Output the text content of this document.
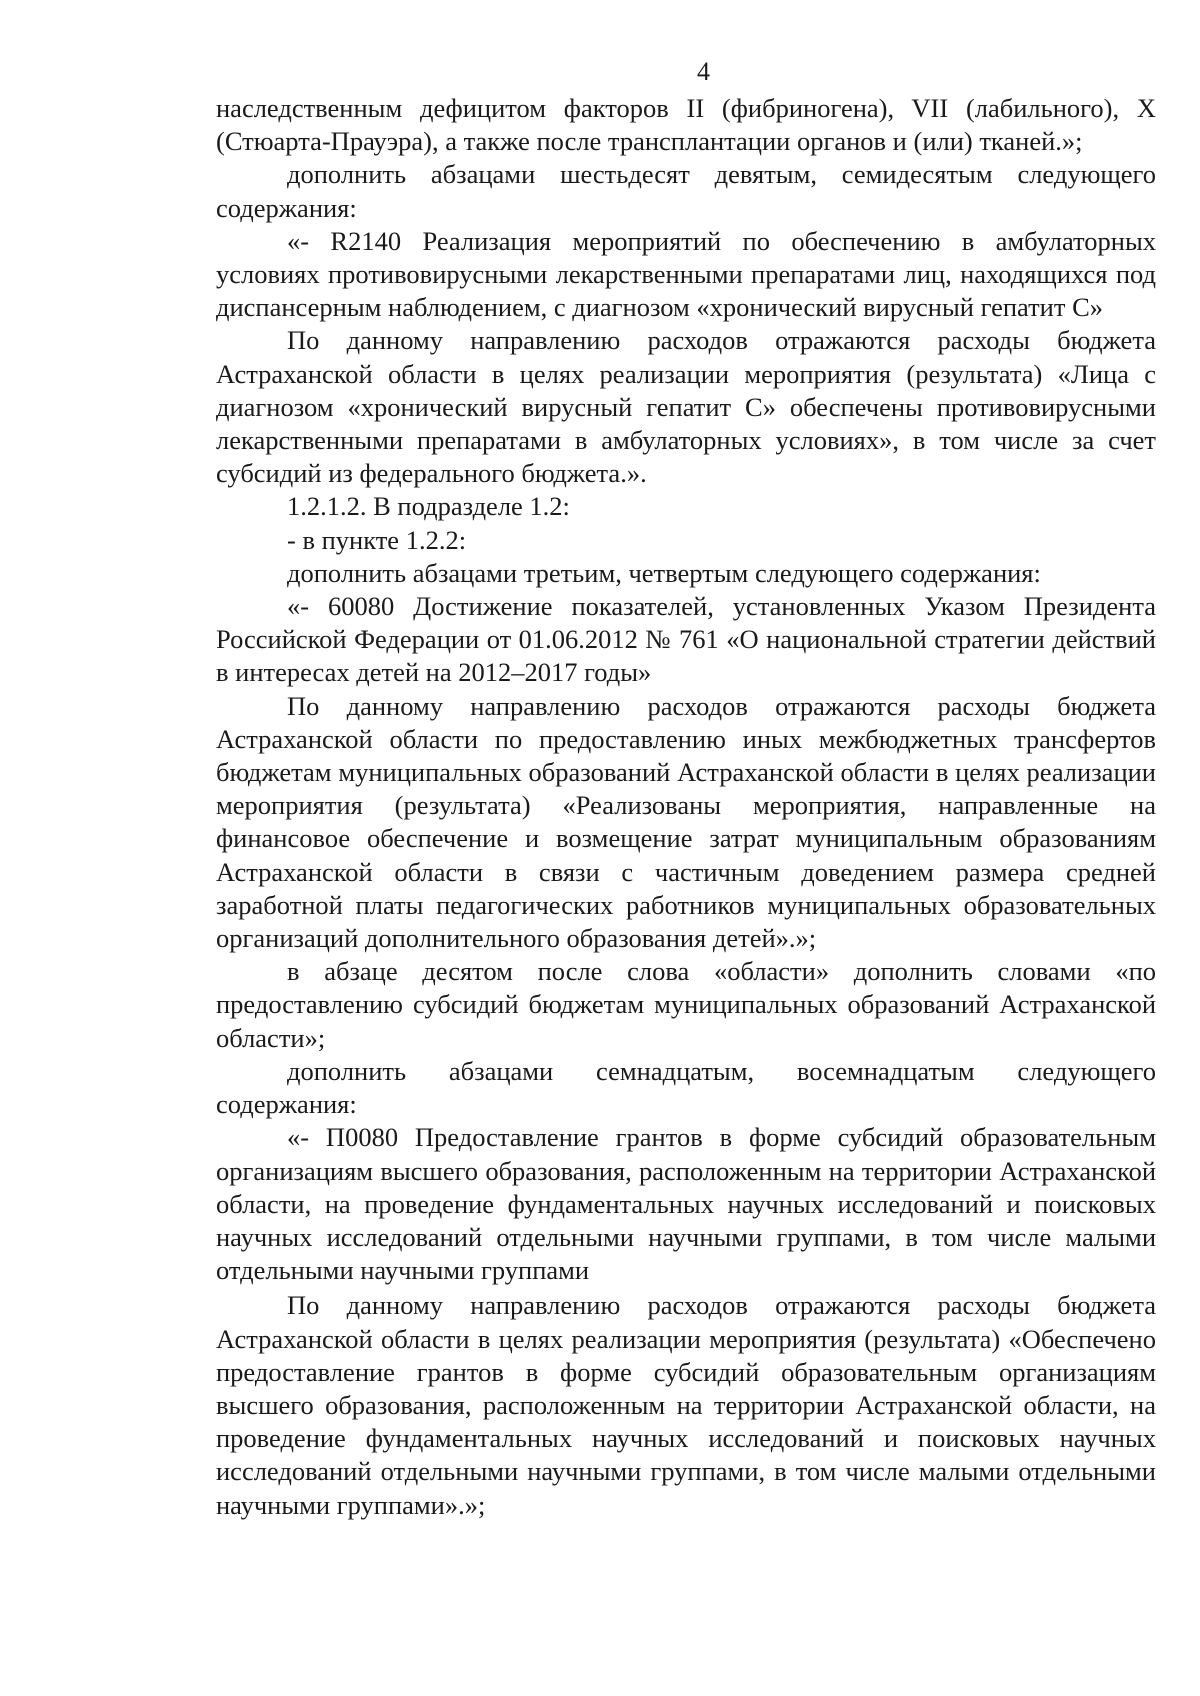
4

наследственным дефицитом факторов II (фибриногена), VII (лабильного), X (Стюарта-Прауэра), а также после трансплантации органов и (или) тканей.»;

дополнить абзацами шестьдесят девятым, семидесятым следующего содержания:

«- R2140 Реализация мероприятий по обеспечению в амбулаторных условиях противовирусными лекарственными препаратами лиц, находящихся под диспансерным наблюдением, с диагнозом «хронический вирусный гепатит С»

По данному направлению расходов отражаются расходы бюджета Астраханской области в целях реализации мероприятия (результата) «Лица с диагнозом «хронический вирусный гепатит С» обеспечены противовирусными лекарственными препаратами в амбулаторных условиях», в том числе за счет субсидий из федерального бюджета.».

1.2.1.2. В подразделе 1.2:

- в пункте 1.2.2:

дополнить абзацами третьим, четвертым следующего содержания:

«- 60080 Достижение показателей, установленных Указом Президента Российской Федерации от 01.06.2012 № 761 «О национальной стратегии действий в интересах детей на 2012–2017 годы»

По данному направлению расходов отражаются расходы бюджета Астраханской области по предоставлению иных межбюджетных трансфертов бюджетам муниципальных образований Астраханской области в целях реализации мероприятия (результата) «Реализованы мероприятия, направленные на финансовое обеспечение и возмещение затрат муниципальным образованиям Астраханской области в связи с частичным доведением размера средней заработной платы педагогических работников муниципальных образовательных организаций дополнительного образования детей».»;

в абзаце десятом после слова «области» дополнить словами «по предоставлению субсидий бюджетам муниципальных образований Астраханской области»;

дополнить абзацами семнадцатым, восемнадцатым следующего содержания:

«- П0080 Предоставление грантов в форме субсидий образовательным организациям высшего образования, расположенным на территории Астраханской области, на проведение фундаментальных научных исследований и поисковых научных исследований отдельными научными группами, в том числе малыми отдельными научными группами

По данному направлению расходов отражаются расходы бюджета Астраханской области в целях реализации мероприятия (результата) «Обеспечено предоставление грантов в форме субсидий образовательным организациям высшего образования, расположенным на территории Астраханской области, на проведение фундаментальных научных исследований и поисковых научных исследований отдельными научными группами, в том числе малыми отдельными научными группами».»;
